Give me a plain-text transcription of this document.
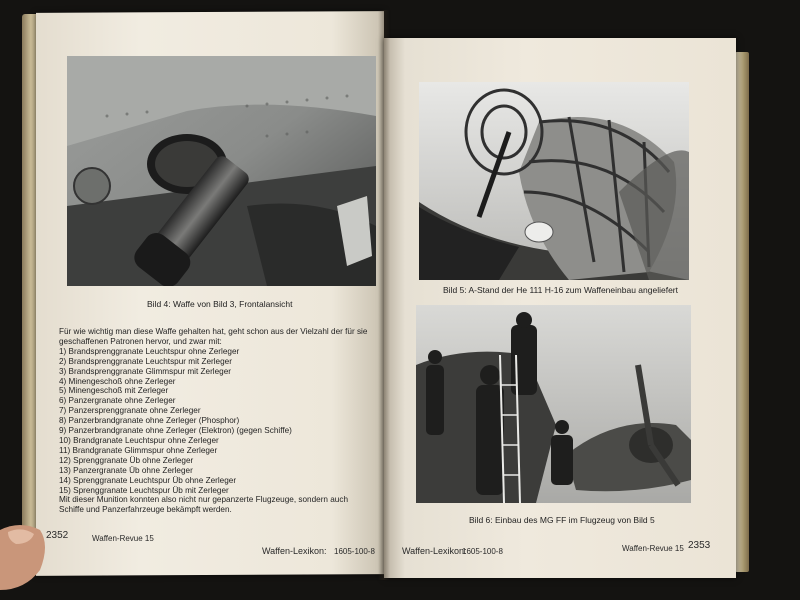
Bild 4: Waffe von Bild 3, Frontalansicht
Für wie wichtig man diese Waffe gehalten hat, geht schon aus der Vielzahl der für sie
geschaffenen Patronen hervor, und zwar mit:
1) Brandsprenggranate Leuchtspur ohne Zerleger
2) Brandsprenggranate Leuchtspur mit Zerleger
3) Brandsprenggranate Glimmspur mit Zerleger
4) Minengeschoß ohne Zerleger
5) Minengeschoß mit Zerleger
6) Panzergranate ohne Zerleger
7) Panzersprenggranate ohne Zerleger
8) Panzerbrandgranate ohne Zerleger (Phosphor)
9) Panzerbrandgranate ohne Zerleger (Elektron) (gegen Schiffe)
10) Brandgranate Leuchtspur ohne Zerleger
11) Brandgranate Glimmspur ohne Zerleger
12) Sprenggranate Üb ohne Zerleger
13) Panzergranate Üb ohne Zerleger
14) Sprenggranate Leuchtspur Üb ohne Zerleger
15) Sprenggranate Leuchtspur Üb mit Zerleger
Mit dieser Munition konnten also nicht nur gepanzerte Flugzeuge, sondern auch
Schiffe und Panzerfahrzeuge bekämpft werden.
2352	Waffen-Revue 15
Waffen-Lexikon: 1605-100-8
Bild 5: A-Stand der He 111 H-16 zum Waffeneinbau angeliefert
Bild 6: Einbau des MG FF im Flugzeug von Bild 5
Waffen-Lexikon:
1605-100-8	Waffen-Revue 15 2353
